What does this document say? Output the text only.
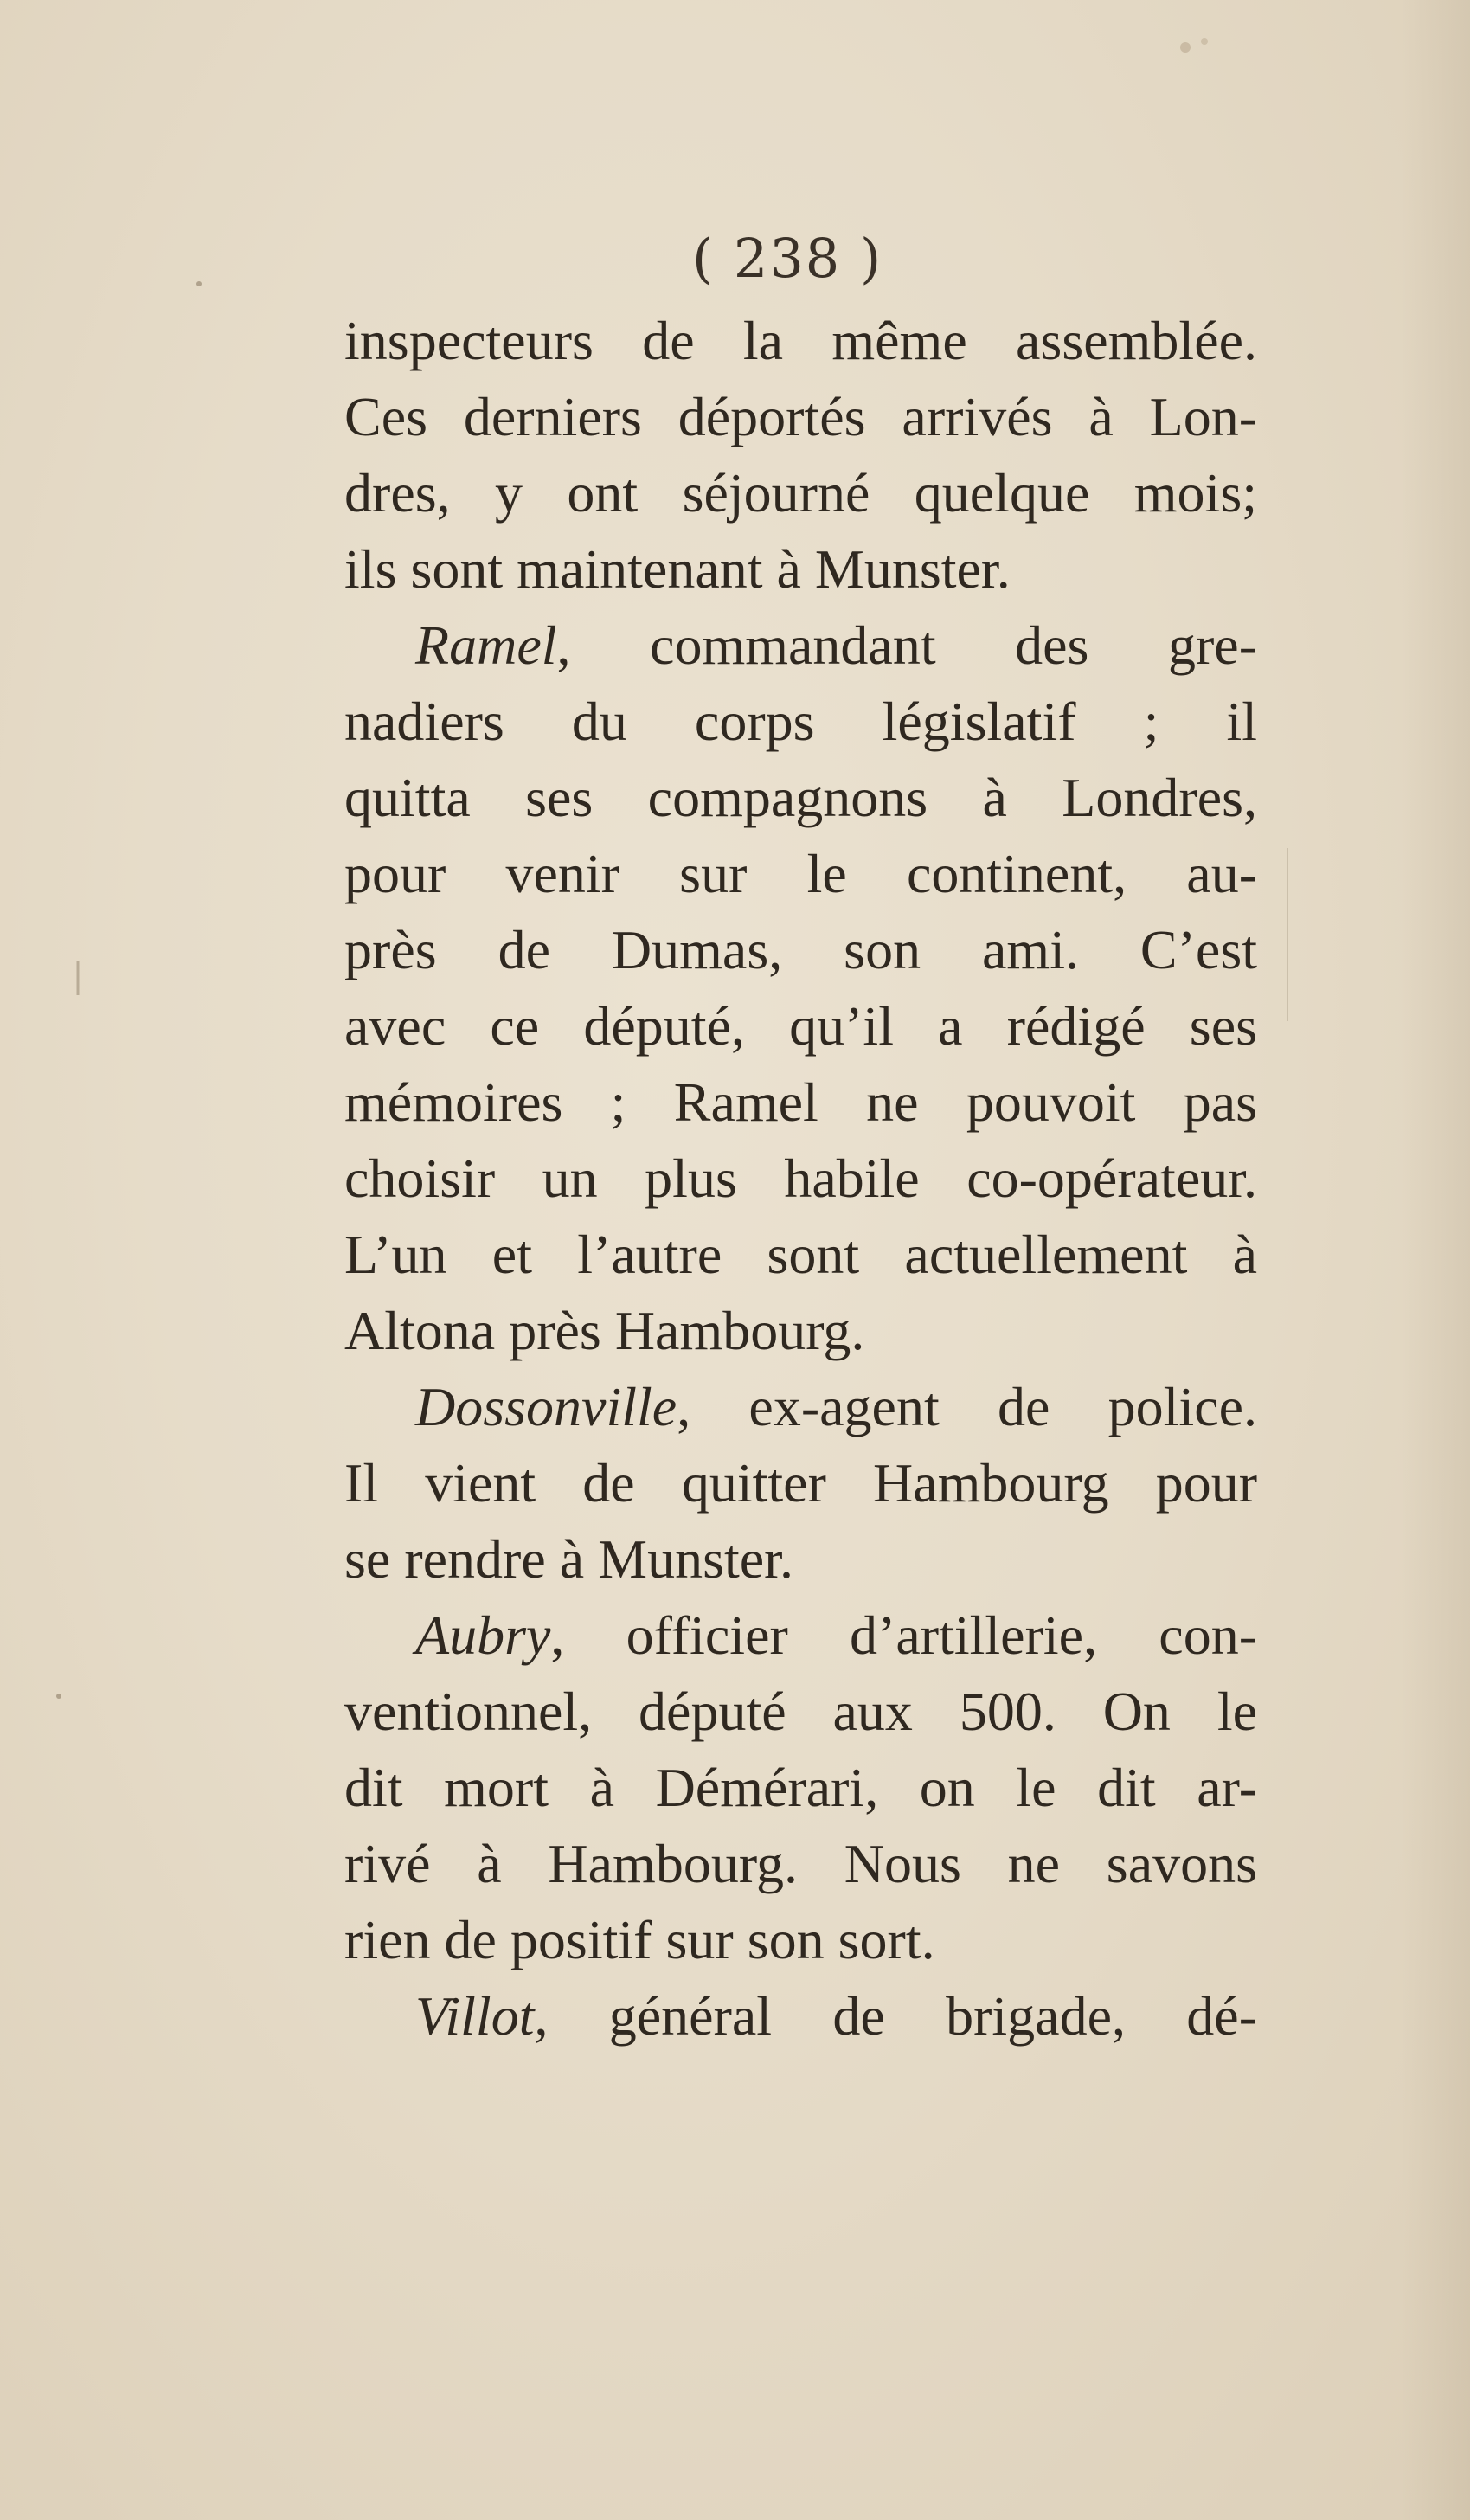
( 238 )
inspecteurs de la même assemblée.
Ces derniers déportés arrivés à Lon-
dres, y ont séjourné quelque mois;
ils sont maintenant à Munster.
Ramel, commandant des gre-
nadiers du corps législatif ; il
quitta ses compagnons à Londres,
pour venir sur le continent, au-
près de Dumas, son ami. C’est
avec ce député, qu’il a rédigé ses
mémoires ; Ramel ne pouvoit pas
choisir un plus habile co-opérateur.
L’un et l’autre sont actuellement à
Altona près Hambourg.
Dossonville, ex-agent de police.
Il vient de quitter Hambourg pour
se rendre à Munster.
Aubry, officier d’artillerie, con-
ventionnel, député aux 500. On le
dit mort à Démérari, on le dit ar-
rivé à Hambourg. Nous ne savons
rien de positif sur son sort.
Villot, général de brigade, dé-
